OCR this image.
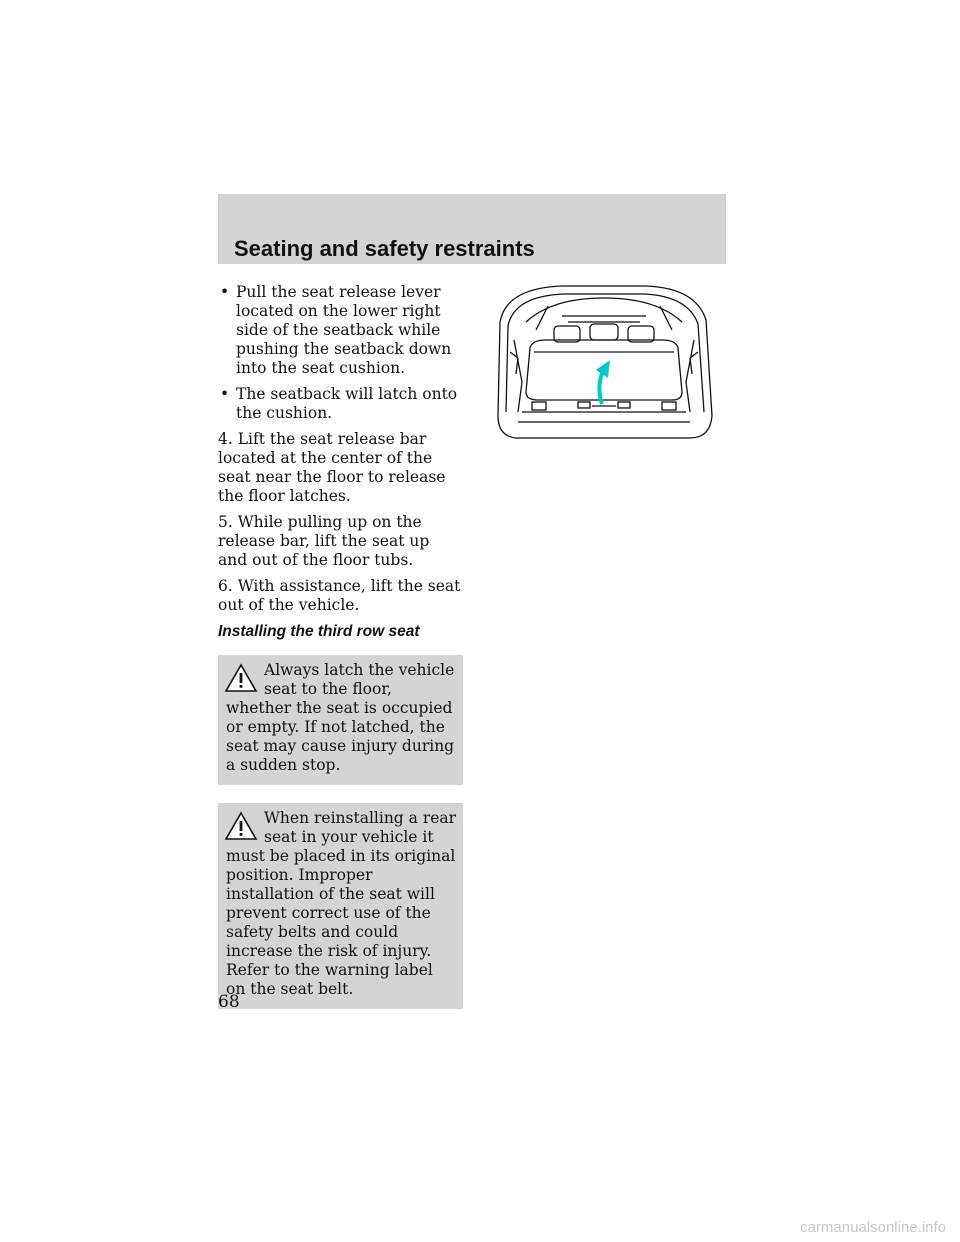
Seating and safety restraints
• Pull the seat release lever located on the lower right side of the seatback while pushing the seatback down into the seat cushion.
• The seatback will latch onto the cushion.

4. Lift the seat release bar located at the center of the seat near the floor to release the floor latches.

5. While pulling up on the release bar, lift the seat up and out of the floor tubs.

6. With assistance, lift the seat out of the vehicle.

Installing the third row seat

Always latch the vehicle seat to the floor, whether the seat is occupied or empty. If not latched, the seat may cause injury during a sudden stop.

When reinstalling a rear seat in your vehicle it must be placed in its original position. Improper installation of the seat will prevent correct use of the safety belts and could increase the risk of injury. Refer to the warning label on the seat belt.

68
carmanualsonline.info
